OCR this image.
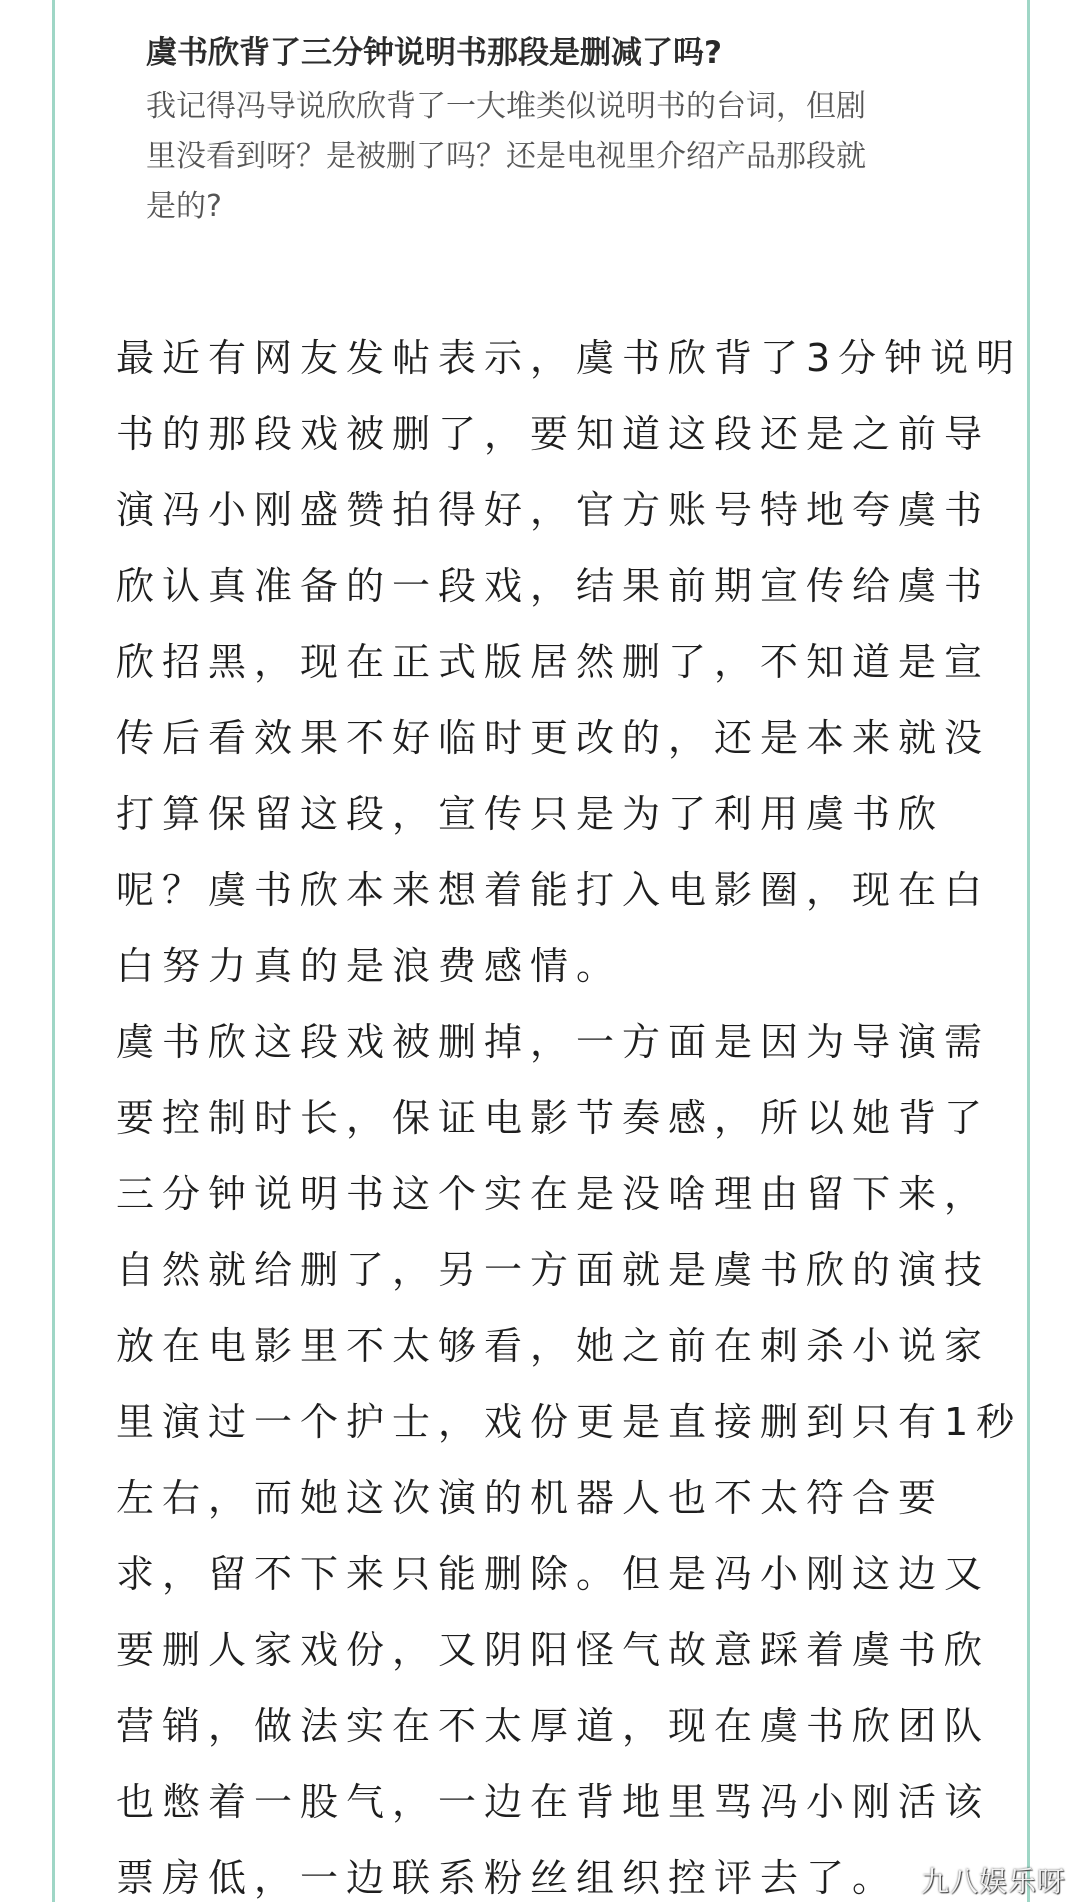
虞书欣背了三分钟说明书那段是删减了吗?
我记得冯导说欣欣背了一大堆类似说明书的台词，但剧
里没看到呀？是被删了吗？还是电视里介绍产品那段就
是的?
最近有网友发帖表示，虞书欣背了3分钟说明
书的那段戏被删了，要知道这段还是之前导
演冯小刚盛赞拍得好，官方账号特地夸虞书
欣认真准备的一段戏，结果前期宣传给虞书
欣招黑，现在正式版居然删了，不知道是宣
传后看效果不好临时更改的，还是本来就没
打算保留这段，宣传只是为了利用虞书欣
呢？虞书欣本来想着能打入电影圈，现在白
白努力真的是浪费感情。
虞书欣这段戏被删掉，一方面是因为导演需
要控制时长，保证电影节奏感，所以她背了
三分钟说明书这个实在是没啥理由留下来，
自然就给删了，另一方面就是虞书欣的演技
放在电影里不太够看，她之前在刺杀小说家
里演过一个护士，戏份更是直接删到只有1秒
左右，而她这次演的机器人也不太符合要
求，留不下来只能删除。但是冯小刚这边又
要删人家戏份，又阴阳怪气故意踩着虞书欣
营销，做法实在不太厚道，现在虞书欣团队
也憋着一股气，一边在背地里骂冯小刚活该
票房低，一边联系粉丝组织控评去了。 九八娱乐呀
